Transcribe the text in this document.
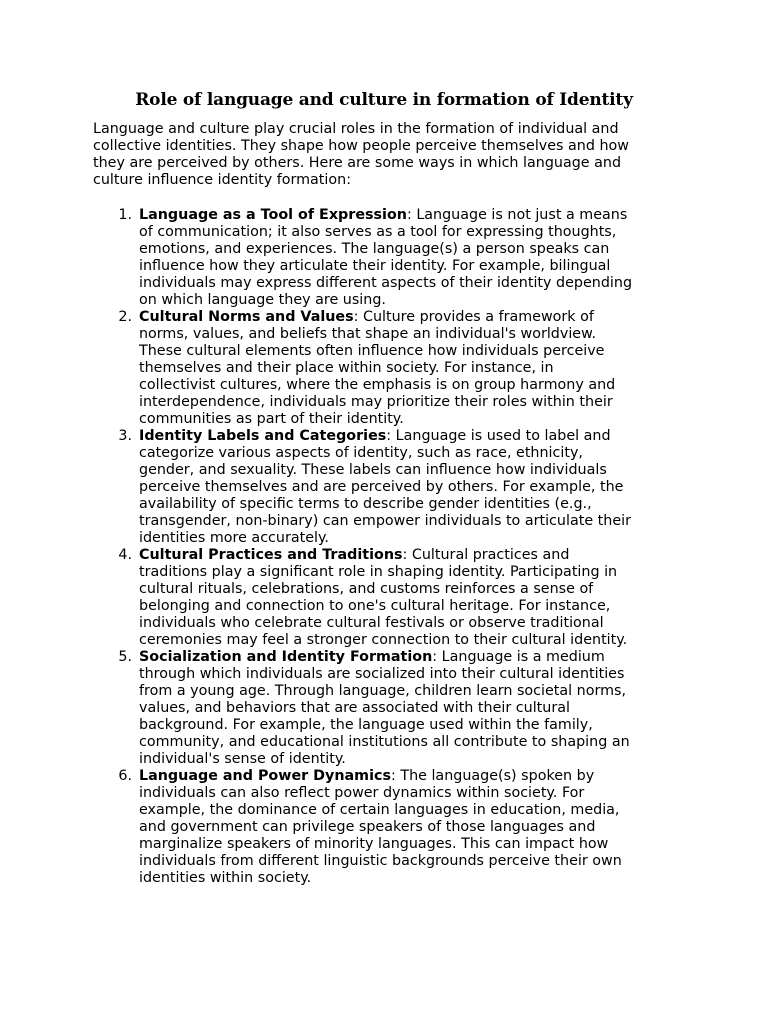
Role of language and culture in formation of Identity

Language and culture play crucial roles in the formation of individual and
collective identities. They shape how people perceive themselves and how
they are perceived by others. Here are some ways in which language and
culture influence identity formation:

1. Language as a Tool of Expression: Language is not just a means
of communication; it also serves as a tool for expressing thoughts,
emotions, and experiences. The language(s) a person speaks can
influence how they articulate their identity. For example, bilingual
individuals may express different aspects of their identity depending
on which language they are using.
2. Cultural Norms and Values: Culture provides a framework of
norms, values, and beliefs that shape an individual's worldview.
These cultural elements often influence how individuals perceive
themselves and their place within society. For instance, in
collectivist cultures, where the emphasis is on group harmony and
interdependence, individuals may prioritize their roles within their
communities as part of their identity.
3. Identity Labels and Categories: Language is used to label and
categorize various aspects of identity, such as race, ethnicity,
gender, and sexuality. These labels can influence how individuals
perceive themselves and are perceived by others. For example, the
availability of specific terms to describe gender identities (e.g.,
transgender, non-binary) can empower individuals to articulate their
identities more accurately.
4. Cultural Practices and Traditions: Cultural practices and
traditions play a significant role in shaping identity. Participating in
cultural rituals, celebrations, and customs reinforces a sense of
belonging and connection to one's cultural heritage. For instance,
individuals who celebrate cultural festivals or observe traditional
ceremonies may feel a stronger connection to their cultural identity.
5. Socialization and Identity Formation: Language is a medium
through which individuals are socialized into their cultural identities
from a young age. Through language, children learn societal norms,
values, and behaviors that are associated with their cultural
background. For example, the language used within the family,
community, and educational institutions all contribute to shaping an
individual's sense of identity.
6. Language and Power Dynamics: The language(s) spoken by
individuals can also reflect power dynamics within society. For
example, the dominance of certain languages in education, media,
and government can privilege speakers of those languages and
marginalize speakers of minority languages. This can impact how
individuals from different linguistic backgrounds perceive their own
identities within society.
